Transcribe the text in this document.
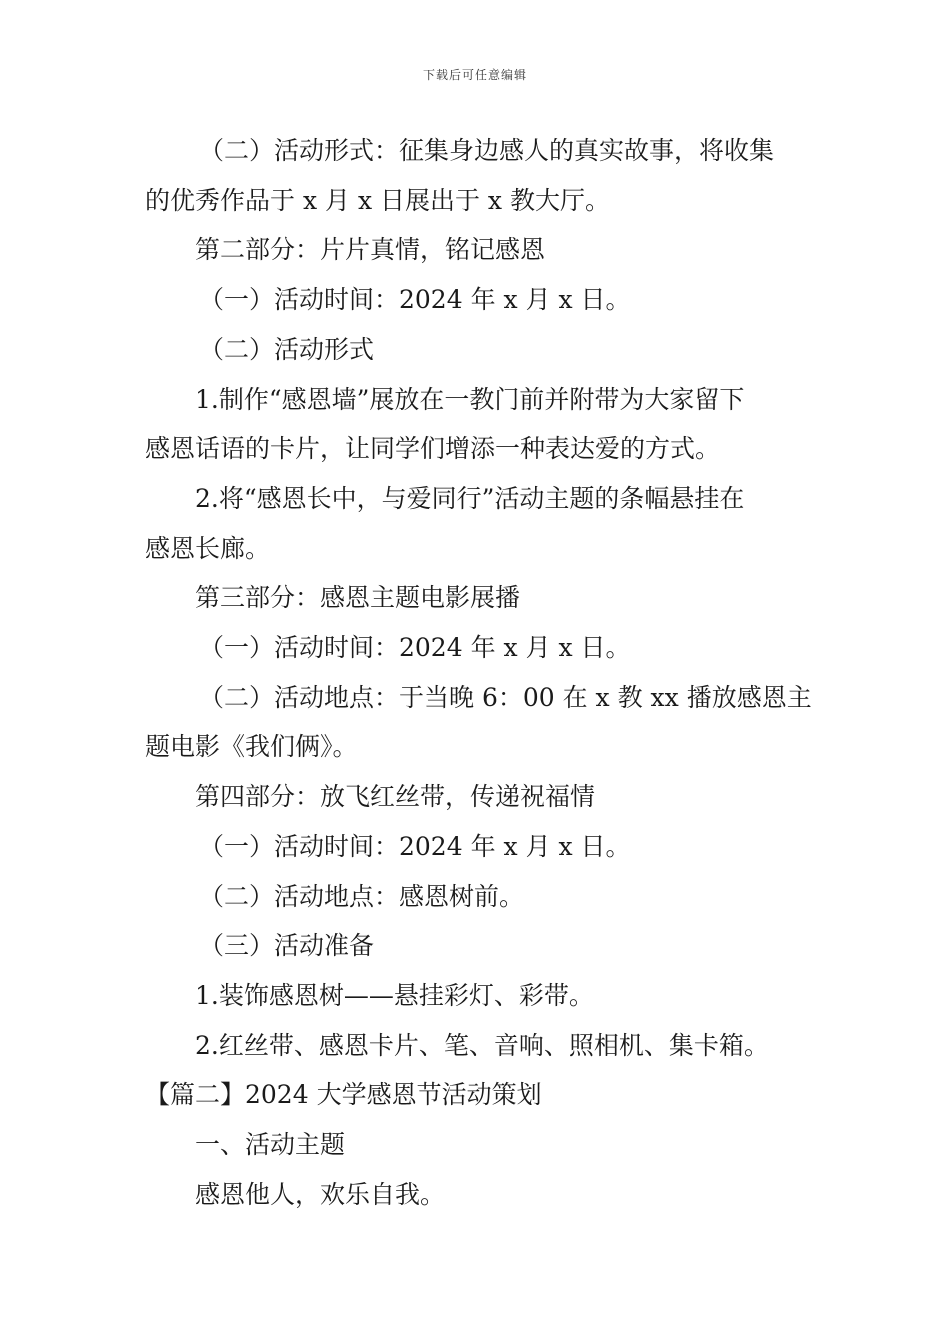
下载后可任意编辑

（二）活动形式：征集身边感人的真实故事，将收集

的优秀作品于 x 月 x 日展出于 x 教大厅。

第二部分：片片真情，铭记感恩

（一）活动时间：2024 年 x 月 x 日。

（二）活动形式

1.制作“感恩墙”展放在一教门前并附带为大家留下

感恩话语的卡片，让同学们增添一种表达爱的方式。

2.将“感恩长中，与爱同行”活动主题的条幅悬挂在

感恩长廊。

第三部分：感恩主题电影展播

（一）活动时间：2024 年 x 月 x 日。

（二）活动地点：于当晚 6：00 在 x 教 xx 播放感恩主

题电影《我们俩》。

第四部分：放飞红丝带，传递祝福情

（一）活动时间：2024 年 x 月 x 日。

（二）活动地点：感恩树前。

（三）活动准备

1.装饰感恩树——悬挂彩灯、彩带。

2.红丝带、感恩卡片、笔、音响、照相机、集卡箱。

【篇二】2024 大学感恩节活动策划

一、活动主题

感恩他人，欢乐自我。
